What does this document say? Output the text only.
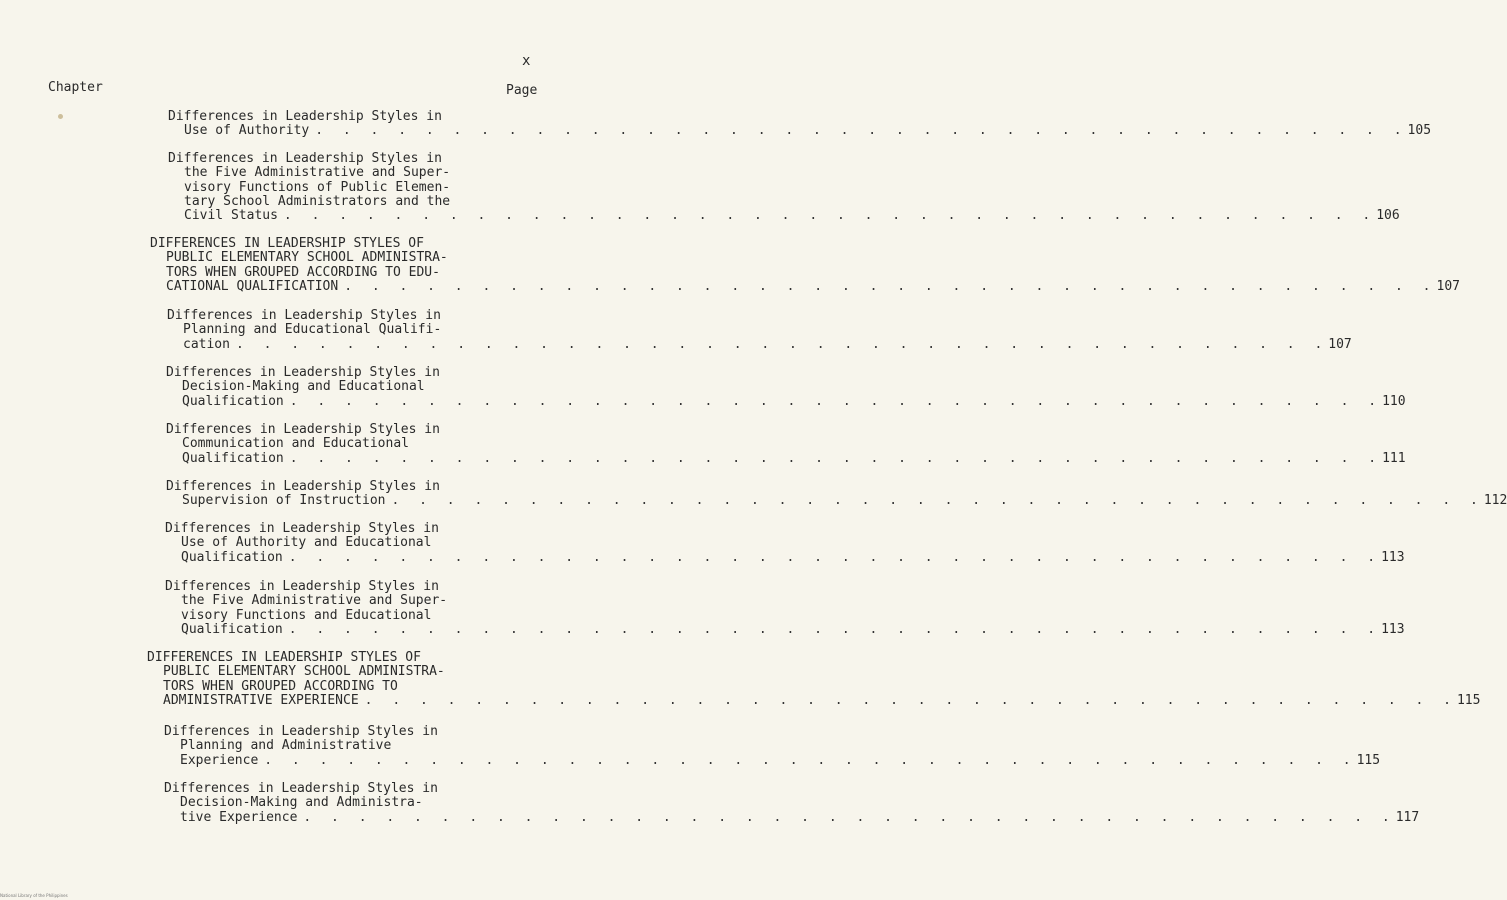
x
Chapter	Page
Differences in Leadership Styles in
Use of Authority . . . . . . . . . . . . . . . . . . . . . . . . . . . . . . . . . . . . . . . . 105
Differences in Leadership Styles in
the Five Administrative and Super-
visory Functions of Public Elemen-
tary School Administrators and the
Civil Status . . . . . . . . . . . . . . . . . . . . . . . . . . . . . . . . . . . . . . . . 106
DIFFERENCES IN LEADERSHIP STYLES OF
PUBLIC ELEMENTARY SCHOOL ADMINISTRA-
TORS WHEN GROUPED ACCORDING TO EDU-
CATIONAL QUALIFICATION . . . . . . . . . . . . . . . . . . . . . . . . . . . . . . . . . . . . . . . . 107
Differences in Leadership Styles in
Planning and Educational Qualifi-
cation . . . . . . . . . . . . . . . . . . . . . . . . . . . . . . . . . . . . . . . . 107
Differences in Leadership Styles in
Decision-Making and Educational
Qualification . . . . . . . . . . . . . . . . . . . . . . . . . . . . . . . . . . . . . . . . 110
Differences in Leadership Styles in
Communication and Educational
Qualification . . . . . . . . . . . . . . . . . . . . . . . . . . . . . . . . . . . . . . . . 111
Differences in Leadership Styles in
Supervision of Instruction . . . . . . . . . . . . . . . . . . . . . . . . . . . . . . . . . . . . . . . . 112
Differences in Leadership Styles in
Use of Authority and Educational
Qualification . . . . . . . . . . . . . . . . . . . . . . . . . . . . . . . . . . . . . . . . 113
Differences in Leadership Styles in
the Five Administrative and Super-
visory Functions and Educational
Qualification . . . . . . . . . . . . . . . . . . . . . . . . . . . . . . . . . . . . . . . . 113
DIFFERENCES IN LEADERSHIP STYLES OF
PUBLIC ELEMENTARY SCHOOL ADMINISTRA-
TORS WHEN GROUPED ACCORDING TO
ADMINISTRATIVE EXPERIENCE . . . . . . . . . . . . . . . . . . . . . . . . . . . . . . . . . . . . . . . . 115
Differences in Leadership Styles in
Planning and Administrative
Experience . . . . . . . . . . . . . . . . . . . . . . . . . . . . . . . . . . . . . . . . 115
Differences in Leadership Styles in
Decision-Making and Administra-
tive Experience . . . . . . . . . . . . . . . . . . . . . . . . . . . . . . . . . . . . . . . . 117
National Library of the Philippines
